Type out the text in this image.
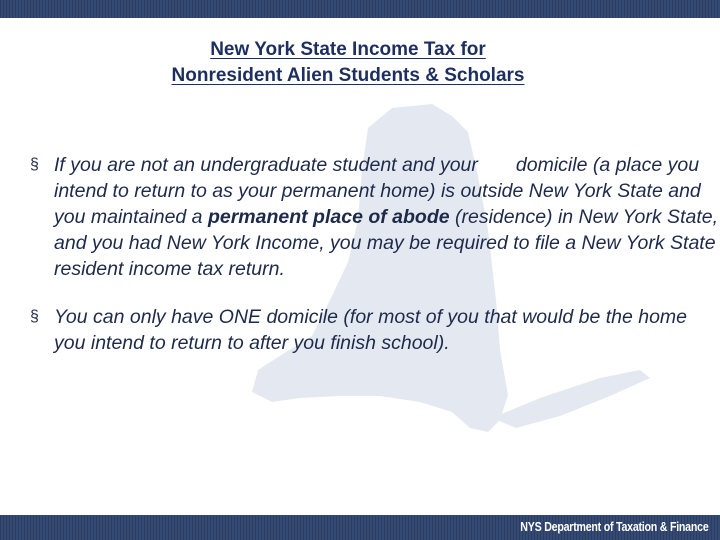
New York State Income Tax for
Nonresident Alien Students & Scholars
§ If you are not an undergraduate student and your domicile (a place you intend to return to as your permanent home) is outside New York State and you maintained a permanent place of abode (residence) in New York State, and you had New York Income, you may be required to file a New York State resident income tax return.
§ You can only have ONE domicile (for most of you that would be the home you intend to return to after you finish school).
NYS Department of Taxation & Finance
